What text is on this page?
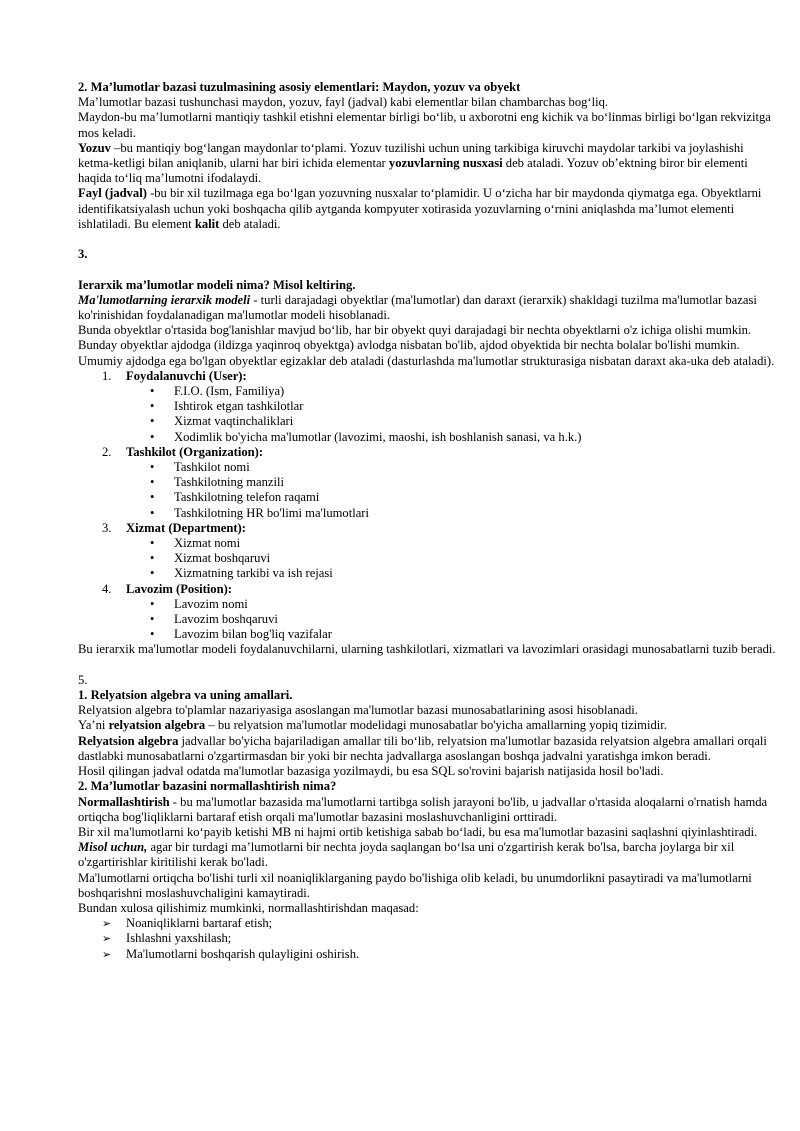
2. Ma’lumotlar bazasi tuzulmasining asosiy elementlari: Maydon, yozuv va obyekt

Ma’lumotlar bazasi tushunchasi maydon, yozuv, fayl (jadval) kabi elementlar bilan chambarchas bog‘liq.

Maydon-bu ma’lumotlarni mantiqiy tashkil etishni elementar birligi bo‘lib, u axborotni eng kichik va bo‘linmas birligi bo‘lgan rekvizitga mos keladi.

Yozuv –bu mantiqiy bog‘langan maydonlar to‘plami. Yozuv tuzilishi uchun uning tarkibiga kiruvchi maydolar tarkibi va joylashishi ketma-ketligi bilan aniqlanib, ularni har biri ichida elementar yozuvlarning nusxasi deb ataladi. Yozuv ob’ektning biror bir elementi haqida to‘liq ma’lumotni ifodalaydi.

Fayl (jadval) -bu bir xil tuzilmaga ega bo‘lgan yozuvning nusxalar to‘plamidir. U o‘zicha har bir maydonda qiymatga ega. Obyektlarni identifikatsiyalash uchun yoki boshqacha qilib aytganda kompyuter xotirasida yozuvlarning o‘rnini aniqlashda ma’lumot elementi ishlatiladi. Bu element kalit deb ataladi.

3.

Ierarxik ma’lumotlar modeli nima? Misol keltiring.

Ma'lumotlarning ierarxik modeli - turli darajadagi obyektlar (ma'lumotlar) dan daraxt (ierarxik) shakldagi tuzilma ma'lumotlar bazasi ko'rinishidan foydalanadigan ma'lumotlar modeli hisoblanadi.

Bunda obyektlar o'rtasida bog'lanishlar mavjud bo‘lib, har bir obyekt quyi darajadagi bir nechta obyektlarni o'z ichiga olishi mumkin. Bunday obyektlar ajdodga (ildizga yaqinroq obyektga) avlodga nisbatan bo'lib, ajdod obyektida bir nechta bolalar bo'lishi mumkin.

Umumiy ajdodga ega bo'lgan obyektlar egizaklar deb ataladi (dasturlashda ma'lumotlar strukturasiga nisbatan daraxt aka-uka deb ataladi).

1.	Foydalanuvchi (User):
• F.I.O. (Ism, Familiya)
• Ishtirok etgan tashkilotlar
• Xizmat vaqtinchaliklari
• Xodimlik bo'yicha ma'lumotlar (lavozimi, maoshi, ish boshlanish sanasi, va h.k.)
2.	Tashkilot (Organization):
• Tashkilot nomi
• Tashkilotning manzili
• Tashkilotning telefon raqami
• Tashkilotning HR bo'limi ma'lumotlari
3.	Xizmat (Department):
• Xizmat nomi
• Xizmat boshqaruvi
• Xizmatning tarkibi va ish rejasi
4.	Lavozim (Position):
• Lavozim nomi
• Lavozim boshqaruvi
• Lavozim bilan bog'liq vazifalar

Bu ierarxik ma'lumotlar modeli foydalanuvchilarni, ularning tashkilotlari, xizmatlari va lavozimlari orasidagi munosabatlarni tuzib beradi.

5.

1. Relyatsion algebra va uning amallari.

Relyatsion algebra to'plamlar nazariyasiga asoslangan ma'lumotlar bazasi munosabatlarining asosi hisoblanadi.

Ya’ni relyatsion algebra – bu relyatsion ma'lumotlar modelidagi munosabatlar bo'yicha amallarning yopiq tizimidir.

Relyatsion algebra jadvallar bo'yicha bajariladigan amallar tili bo‘lib, relyatsion ma'lumotlar bazasida relyatsion algebra amallari orqali dastlabki munosabatlarni o'zgartirmasdan bir yoki bir nechta jadvallarga asoslangan boshqa jadvalni yaratishga imkon beradi.

Hosil qilingan jadval odatda ma'lumotlar bazasiga yozilmaydi, bu esa SQL so'rovini bajarish natijasida hosil bo'ladi.

2. Ma’lumotlar bazasini normallashtirish nima?

Normallashtirish - bu ma'lumotlar bazasida ma'lumotlarni tartibga solish jarayoni bo'lib, u jadvallar o'rtasida aloqalarni o'rnatish hamda ortiqcha bog'liqliklarni bartaraf etish orqali ma'lumotlar bazasini moslashuvchanligini orttiradi.

Bir xil ma'lumotlarni ko‘payib ketishi MB ni hajmi ortib ketishiga sabab bo‘ladi, bu esa ma'lumotlar bazasini saqlashni qiyinlashtiradi.

Misol uchun, agar bir turdagi ma’lumotlarni bir nechta joyda saqlangan bo‘lsa uni o'zgartirish kerak bo'lsa, barcha joylarga bir xil o'zgartirishlar kiritilishi kerak bo'ladi.

Ma'lumotlarni ortiqcha bo'lishi turli xil noaniqliklarganing paydo bo'lishiga olib keladi, bu unumdorlikni pasaytiradi va ma'lumotlarni boshqarishni moslashuvchaligini kamaytiradi.

Bundan xulosa qilishimiz mumkinki, normallashtirishdan maqasad:

➢ Noaniqliklarni bartaraf etish;
➢ Ishlashni yaxshilash;
➢ Ma'lumotlarni boshqarish qulayligini oshirish.
